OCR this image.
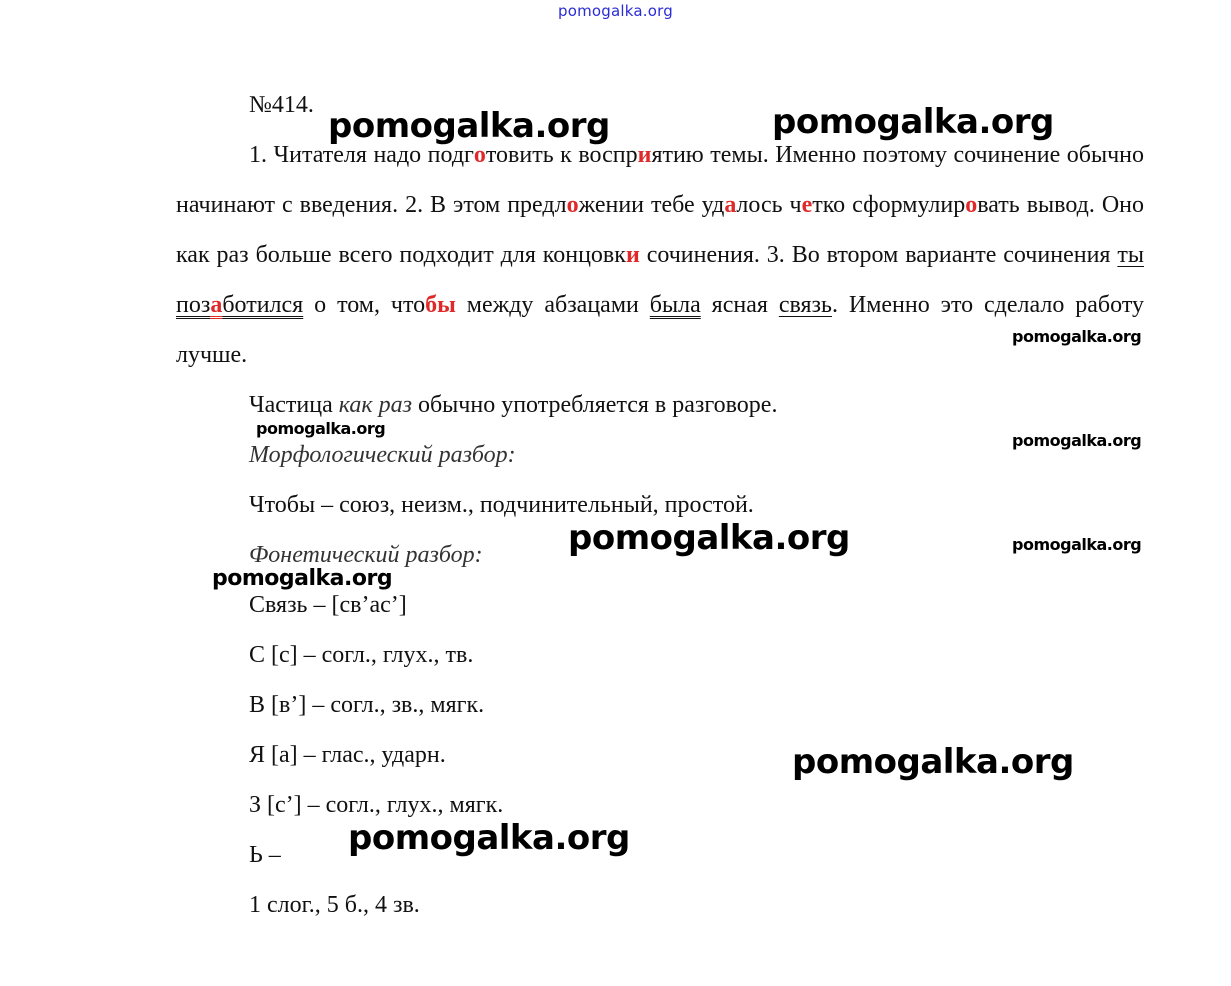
pomogalka.org
№414.

1. Читателя надо подготовить к восприятию темы. Именно поэтому сочинение обычно начинают с введения. 2. В этом предложении тебе удалось четко сформулировать вывод. Оно как раз больше всего подходит для концовки сочинения. 3. Во втором варианте сочинения ты позаботился о том, чтобы между абзацами была ясная связь. Именно это сделало работу лучше.

Частица как раз обычно употребляется в разговоре.

Морфологический разбор:

Чтобы – союз, неизм., подчинительный, простой.

Фонетический разбор:

Связь – [св’ас’]

С [с] – согл., глух., тв.

В [в’] – согл., зв., мягк.

Я [а] – глас., ударн.

З [с’] – согл., глух., мягк.

Ь –

1 слог., 5 б., 4 зв.

pomogalka.org	pomogalka.org
pomogalka.org
pomogalka.org
pomogalka.org
pomogalka.org
pomogalka.org
pomogalka.org
pomogalka.org
pomogalka.org
